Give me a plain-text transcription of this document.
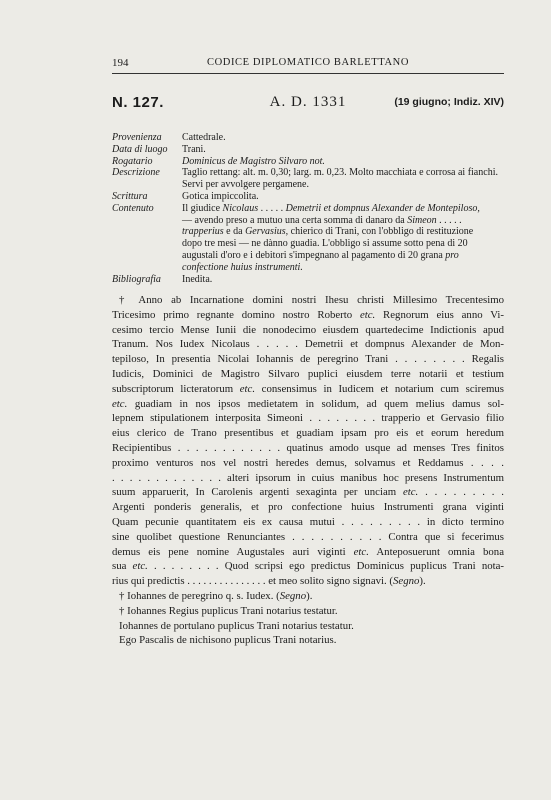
194	CODICE DIPLOMATICO BARLETTANO
N. 127.	A. D. 1331	(19 giugno; Indiz. XIV)
Provenienza	Cattedrale.
Data di luogo	Trani.
Rogatario	Dominicus de Magistro Silvaro not.
Descrizione	Taglio rettang: alt. m. 0,30; larg. m. 0,23. Molto macchiata e corrosa ai fianchi.
Servi per avvolgere pergamene.
Scrittura	Gotica impiccolita.
Contenuto	Il giudice Nicolaus . . . . . Demetrii et dompnus Alexander de Montepiloso,
— avendo preso a mutuo una certa somma di danaro da Simeon . . . . .
trapperius e da Gervasius, chierico di Trani, con l'obbligo di restituzione
dopo tre mesi — ne dànno guadia. L'obbligo si assume sotto pena di 20
augustali d'oro e i debitori s'impegnano al pagamento di 20 grana pro
confectione huius instrumenti.
Bibliografia	Inedita.
† Anno ab Incarnatione domini nostri Ihesu christi Millesimo Trecentesimo
Tricesimo primo regnante domino nostro Roberto etc. Regnorum eius anno Vi-
cesimo tercio Mense Iunii die nonodecimo eiusdem quartedecime Indictionis apud
Tranum. Nos Iudex Nicolaus . . . . . Demetrii et dompnus Alexander de Mon-
tepiloso, In presentia Nicolai Iohannis de peregrino Trani . . . . . . . . Regalis
Iudicis, Dominici de Magistro Silvaro puplici eiusdem terre notarii et testium
subscriptorum licteratorum etc. consensimus in Iudicem et notarium cum sciremus
etc. guadiam in nos ipsos medietatem in solidum, ad quem melius damus sol-
lepnem stipulationem interposita Simeoni . . . . . . . . trapperio et Gervasio filio
eius clerico de Trano presentibus et guadiam ipsam pro eis et eorum heredum
Recipientibus . . . . . . . . . . . . quatinus amodo usque ad menses Tres finitos
proximo venturos nos vel nostri heredes demus, solvamus et Reddamus . . . .
. . . . . . . . . . . . . alteri ipsorum in cuius manibus hoc presens Instrumentum
suum apparuerit, In Carolenis argenti sexaginta per unciam etc. . . . . . . . . .
Argenti ponderis generalis, et pro confectione huius Instrumenti grana viginti
Quam pecunie quantitatem eis ex causa mutui . . . . . . . . . in dicto termino
sine quolibet questione Renunciantes . . . . . . . . . . Contra que si fecerimus
demus eis pene nomine Augustales auri viginti etc. Anteposuerunt omnia bona
sua etc. . . . . . . . . Quod scripsi ego predictus Dominicus puplicus Trani nota-
rius qui predictis . . . . . . . . . . . . . . . et meo solito signo signavi. (Segno).
† Iohannes de peregrino q. s. Iudex. (Segno).
† Iohannes Regius puplicus Trani notarius testatur.
Iohannes de portulano puplicus Trani notarius testatur.
Ego Pascalis de nichisono puplicus Trani notarius.
